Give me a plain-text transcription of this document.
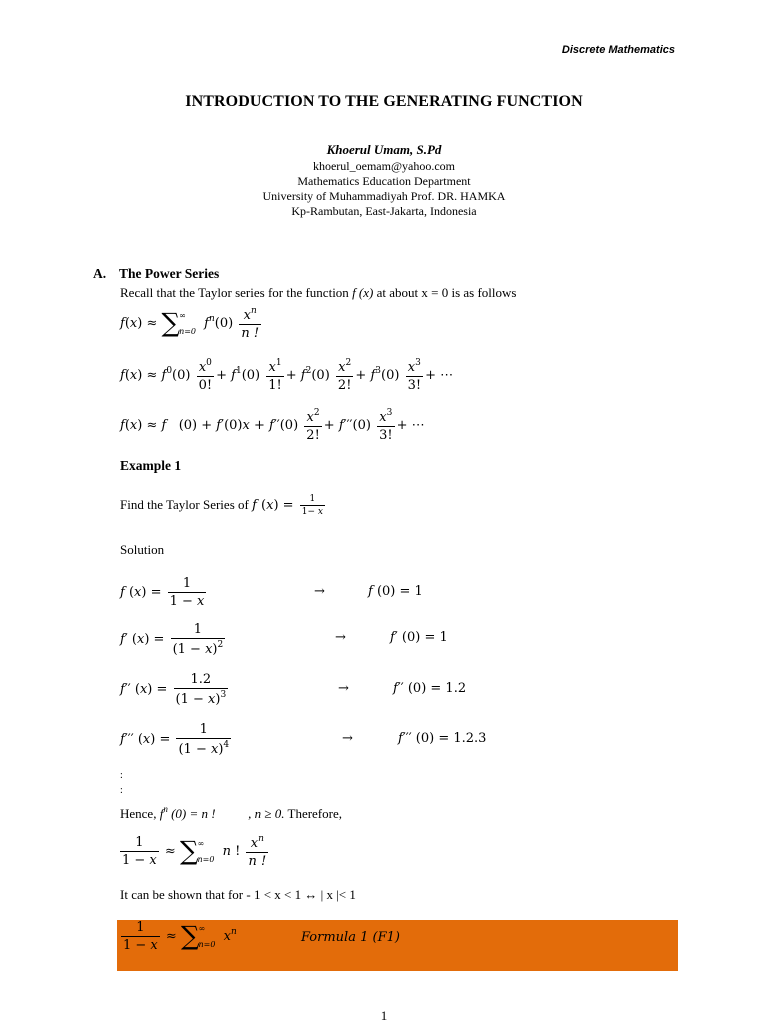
Discrete Mathematics
INTRODUCTION TO THE GENERATING FUNCTION
Khoerul Umam, S.Pd
khoerul_oemam@yahoo.com
Mathematics Education Department
University of Muhammadiyah Prof. DR. HAMKA
Kp-Rambutan, East-Jakarta, Indonesia
A. The Power Series
Recall that the Taylor series for the function f (x) at about x = 0 is as follows
f(x) ≈ ∑ ∞
n=0 $f^n(0) \frac{x^n}{n !}$
$f(x) \approx f^0(0) \frac{x^0}{0!} + f^1(0) \frac{x^1}{1!} + f^2(0) \frac{x^2}{2!} + f^3(0) \frac{x^3}{3!}$ + ⋯
f(x) ≈ f   $(0) + f'(0)x + f''(0) \frac{x^2}{2!} + f'''(0) \frac{x^3}{3!}$ + ⋯
Example 1
Find the Taylor Series of f $(x) = \frac{1}{1- x}$
Solution
f $(x) = \frac{1}{1 - x}$	→	f (0) = 1
f′ $(x) = \frac{1}{(1 - x)^2}$	→	f′ (0) = 1
f′′ $(x) = \frac{1.2}{(1 - x)^3}$	→	f′′ (0) = 1.2
f′′′ $(x) = \frac{1}{(1 - x)^4}$	→	f′′′ (0) = 1.2.3
:
:
Hence, $f^n$ (0) = n !	, n ≥ 0. Therefore,
$\frac{1}{1 - x}$ ≈ ∑ ∞
n=0 n ! $\frac{x^n}{n !}$
It can be shown that for - 1 < x < 1 ↔ | x |< 1
$\frac{1}{1 - x}$ ≈ ∑ ∞
n=0 $x^n$	Formula 1 (F1)
1
